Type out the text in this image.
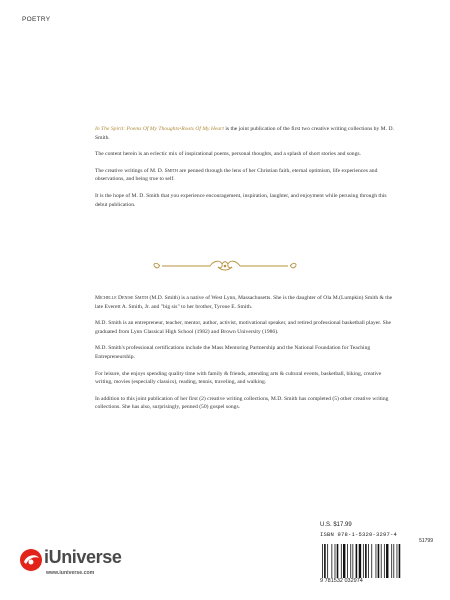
POETRY

In The Spirit: Poems Of My Thoughts•Roots Of My Heart is the joint publication of the first two creative writing collections by M. D. Smith.

The content herein is an eclectic mix of inspirational poems, personal thoughts, and a splash of short stories and songs.

The creative writings of M. D. Smith are penned through the lens of her Christian faith, eternal optimism, life experiences and observations, and being true to self.

It is the hope of M. D. Smith that you experience encouragement, inspiration, laughter, and enjoyment while perusing through this debut publication.

Michelle Denise Smith (M.D. Smith) is a native of West Lynn, Massachusetts. She is the daughter of Ola M.(Lumpkin) Smith & the late Everett A. Smith, Jr. and "big sis" to her brother, Tyrone E. Smith.

M.D. Smith is an entrepreneur, teacher, mentor, author, activist, motivational speaker, and retired professional basketball player. She graduated from Lynn Classical High School (1982) and Brown University (1986).

M.D. Smith's professional certifications include the Mass Mentoring Partnership and the National Foundation for Teaching Entrepreneurship.

For leisure, she enjoys spending quality time with family & friends, attending arts & cultural events, basketball, biking, creative writing, movies (especially classics), reading, tennis, traveling, and walking.

In addition to this joint publication of her first (2) creative writing collections, M.D. Smith has completed (5) other creative writing collections. She has also, surprisingly, penned (50) gospel songs.

U.S. $17.99
ISBN 978-1-5320-3297-4
51799
9 781532 032974
iUniverse
www.iuniverse.com
